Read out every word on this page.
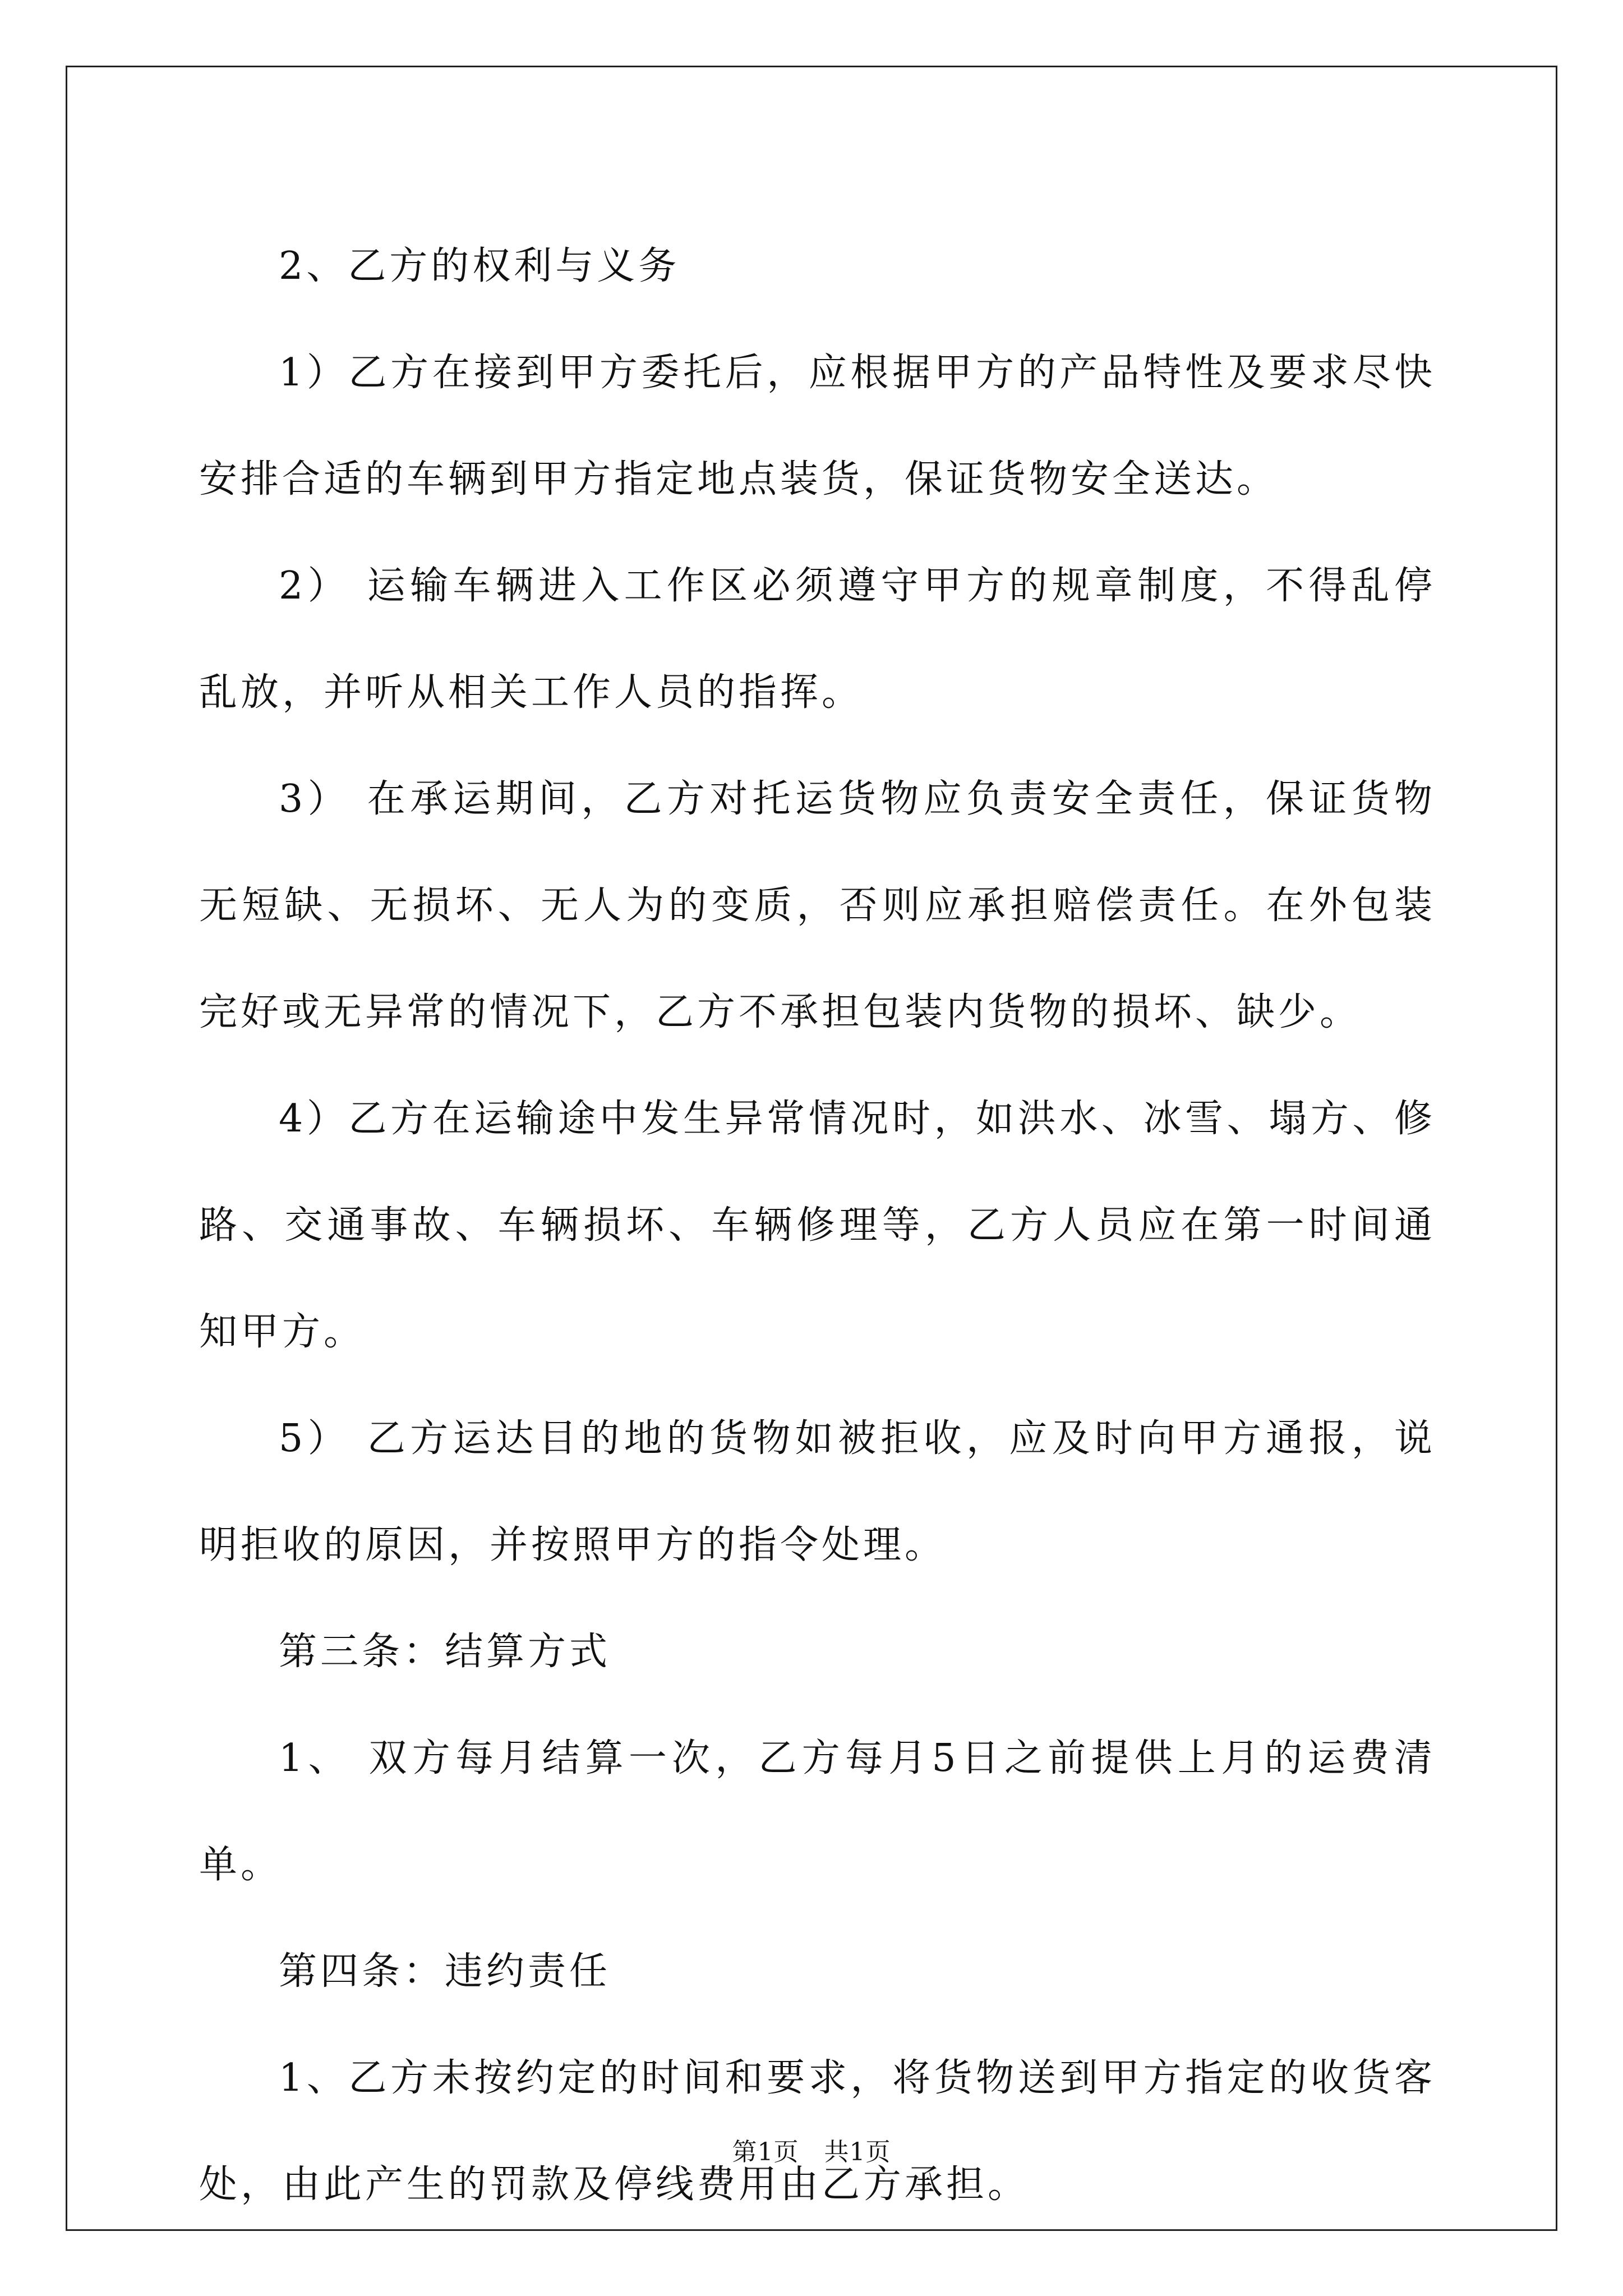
2、乙方的权利与义务

1）乙方在接到甲方委托后，应根据甲方的产品特性及要求尽快安排合适的车辆到甲方指定地点装货，保证货物安全送达。

2） 运输车辆进入工作区必须遵守甲方的规章制度，不得乱停乱放，并听从相关工作人员的指挥。

3） 在承运期间，乙方对托运货物应负责安全责任，保证货物无短缺、无损坏、无人为的变质，否则应承担赔偿责任。在外包装完好或无异常的情况下，乙方不承担包装内货物的损坏、缺少。

4）乙方在运输途中发生异常情况时，如洪水、冰雪、塌方、修路、交通事故、车辆损坏、车辆修理等，乙方人员应在第一时间通知甲方。

5） 乙方运达目的地的货物如被拒收，应及时向甲方通报，说明拒收的原因，并按照甲方的指令处理。

第三条：结算方式

1、 双方每月结算一次，乙方每月5日之前提供上月的运费清单。

第四条：违约责任

1、乙方未按约定的时间和要求，将货物送到甲方指定的收货客处，由此产生的罚款及停线费用由乙方承担。

第1页 共1页
